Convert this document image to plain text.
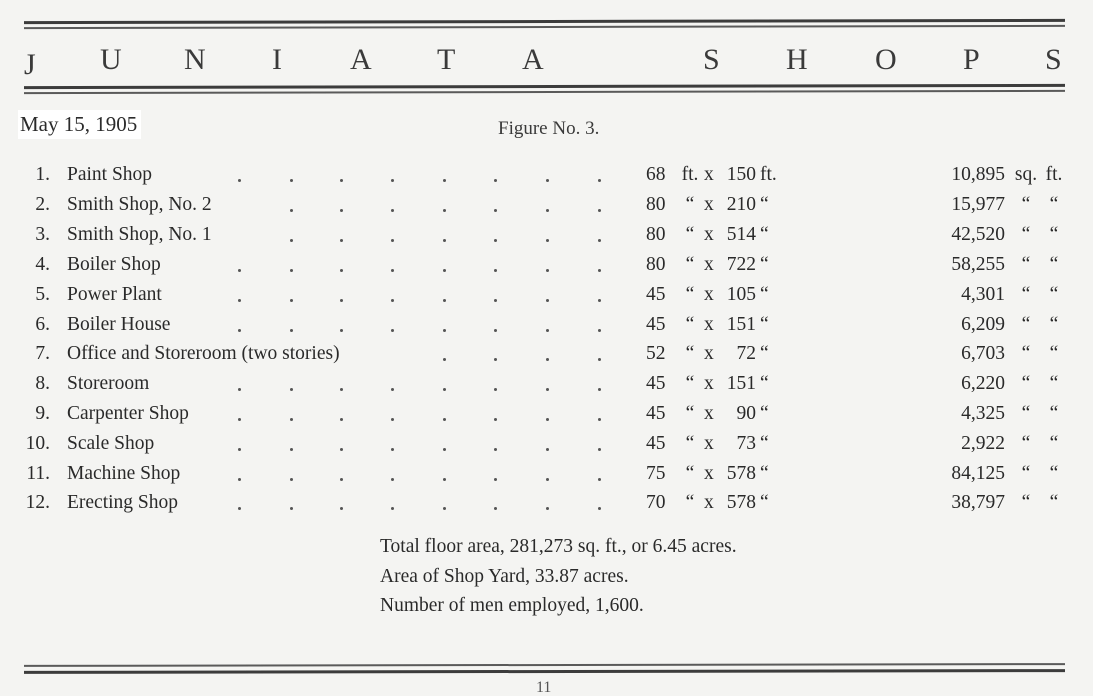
J U N I A T A	S H O P S
May 15, 1905	Figure No. 3.
1. Paint Shop	68 ft. x 150 ft.	10,895 sq. ft.
2. Smith Shop, No. 2	80	“ x 210 “	15,977 “ “
3. Smith Shop, No. 1	80	“ x 514 “	42,520 “ “
4. Boiler Shop	80	“ x 722 “	58,255 “ “
5. Power Plant	45	“ x 105 “	4,301 “ “
6. Boiler House	45	“ x 151 “	6,209 “ “
7. Office and Storeroom (two stories)	52	“ x	72 “	6,703 “ “
8. Storeroom	45	“ x 151 “	6,220 “ “
9. Carpenter Shop	45	“ x	90 “	4,325 “ “
10. Scale Shop	45	“ x	73 “	2,922 “ “
11. Machine Shop	75	“ x 578 “	84,125 “ “
12. Erecting Shop	70	“ x 578 “	38,797 “ “
Total floor area, 281,273 sq. ft., or 6.45 acres.
Area of Shop Yard, 33.87 acres.
Number of men employed, 1,600.
11
